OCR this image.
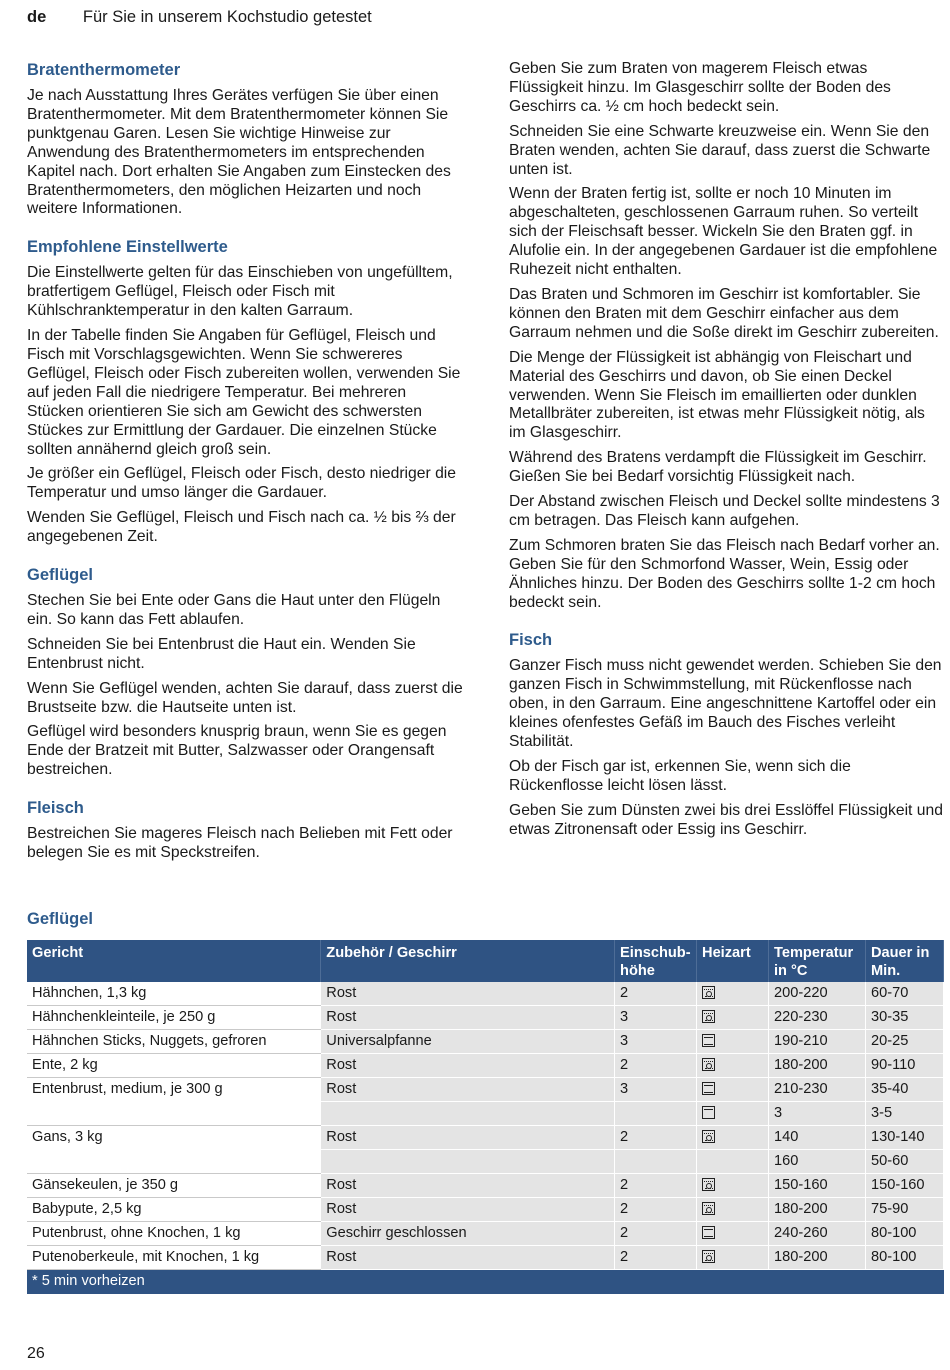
de Für Sie in unserem Kochstudio getestet
Bratenthermometer

Je nach Ausstattung Ihres Gerätes verfügen Sie über einen Bratenthermometer. Mit dem Bratenthermometer können Sie punktgenau Garen. Lesen Sie wichtige Hinweise zur Anwendung des Bratenthermometers im entsprechenden Kapitel nach. Dort erhalten Sie Angaben zum Einstecken des Bratenthermometers, den möglichen Heizarten und noch weitere Informationen.

Empfohlene Einstellwerte

Die Einstellwerte gelten für das Einschieben von ungefülltem, bratfertigem Geflügel, Fleisch oder Fisch mit Kühlschranktemperatur in den kalten Garraum.

In der Tabelle finden Sie Angaben für Geflügel, Fleisch und Fisch mit Vorschlagsgewichten. Wenn Sie schwereres Geflügel, Fleisch oder Fisch zubereiten wollen, verwenden Sie auf jeden Fall die niedrigere Temperatur. Bei mehreren Stücken orientieren Sie sich am Gewicht des schwersten Stückes zur Ermittlung der Gardauer. Die einzelnen Stücke sollten annähernd gleich groß sein.

Je größer ein Geflügel, Fleisch oder Fisch, desto niedriger die Temperatur und umso länger die Gardauer.

Wenden Sie Geflügel, Fleisch und Fisch nach ca. ½ bis ⅔ der angegebenen Zeit.

Geflügel

Stechen Sie bei Ente oder Gans die Haut unter den Flügeln ein. So kann das Fett ablaufen.

Schneiden Sie bei Entenbrust die Haut ein. Wenden Sie Entenbrust nicht.

Wenn Sie Geflügel wenden, achten Sie darauf, dass zuerst die Brustseite bzw. die Hautseite unten ist.

Geflügel wird besonders knusprig braun, wenn Sie es gegen Ende der Bratzeit mit Butter, Salzwasser oder Orangensaft bestreichen.

Fleisch

Bestreichen Sie mageres Fleisch nach Belieben mit Fett oder belegen Sie es mit Speckstreifen.

Geben Sie zum Braten von magerem Fleisch etwas Flüssigkeit hinzu. Im Glasgeschirr sollte der Boden des Geschirrs ca. ½ cm hoch bedeckt sein.

Schneiden Sie eine Schwarte kreuzweise ein. Wenn Sie den Braten wenden, achten Sie darauf, dass zuerst die Schwarte unten ist.

Wenn der Braten fertig ist, sollte er noch 10 Minuten im abgeschalteten, geschlossenen Garraum ruhen. So verteilt sich der Fleischsaft besser. Wickeln Sie den Braten ggf. in Alufolie ein. In der angegebenen Gardauer ist die empfohlene Ruhezeit nicht enthalten.

Das Braten und Schmoren im Geschirr ist komfortabler. Sie können den Braten mit dem Geschirr einfacher aus dem Garraum nehmen und die Soße direkt im Geschirr zubereiten.

Die Menge der Flüssigkeit ist abhängig von Fleischart und Material des Geschirrs und davon, ob Sie einen Deckel verwenden. Wenn Sie Fleisch im emaillierten oder dunklen Metallbräter zubereiten, ist etwas mehr Flüssigkeit nötig, als im Glasgeschirr.

Während des Bratens verdampft die Flüssigkeit im Geschirr. Gießen Sie bei Bedarf vorsichtig Flüssigkeit nach.

Der Abstand zwischen Fleisch und Deckel sollte mindestens 3 cm betragen. Das Fleisch kann aufgehen.

Zum Schmoren braten Sie das Fleisch nach Bedarf vorher an. Geben Sie für den Schmorfond Wasser, Wein, Essig oder Ähnliches hinzu. Der Boden des Geschirrs sollte 1-2 cm hoch bedeckt sein.

Fisch

Ganzer Fisch muss nicht gewendet werden. Schieben Sie den ganzen Fisch in Schwimmstellung, mit Rückenflosse nach oben, in den Garraum. Eine angeschnittene Kartoffel oder ein kleines ofenfestes Gefäß im Bauch des Fisches verleiht Stabilität.

Ob der Fisch gar ist, erkennen Sie, wenn sich die Rückenflosse leicht lösen lässt.

Geben Sie zum Dünsten zwei bis drei Esslöffel Flüssigkeit und etwas Zitronensaft oder Essig ins Geschirr.

Geflügel
Gericht	Zubehör / Geschirr	Einschub-höhe	Heizart	Temperatur in °C	Dauer in Min.
Hähnchen, 1,3 kg	Rost	2		200-220	60-70
Hähnchenkleinteile, je 250 g	Rost	3		220-230	30-35
Hähnchen Sticks, Nuggets, gefroren	Universalpfanne	3		190-210	20-25
Ente, 2 kg	Rost	2		180-200	90-110
Entenbrust, medium, je 300 g	Rost	3		210-230	35-40
				3	3-5
Gans, 3 kg	Rost	2		140	130-140
				160	50-60
Gänsekeulen, je 350 g	Rost	2		150-160	150-160
Babypute, 2,5 kg	Rost	2		180-200	75-90
Putenbrust, ohne Knochen, 1 kg	Geschirr geschlossen	2		240-260	80-100
Putenoberkeule, mit Knochen, 1 kg	Rost	2		180-200	80-100
* 5 min vorheizen					
26
